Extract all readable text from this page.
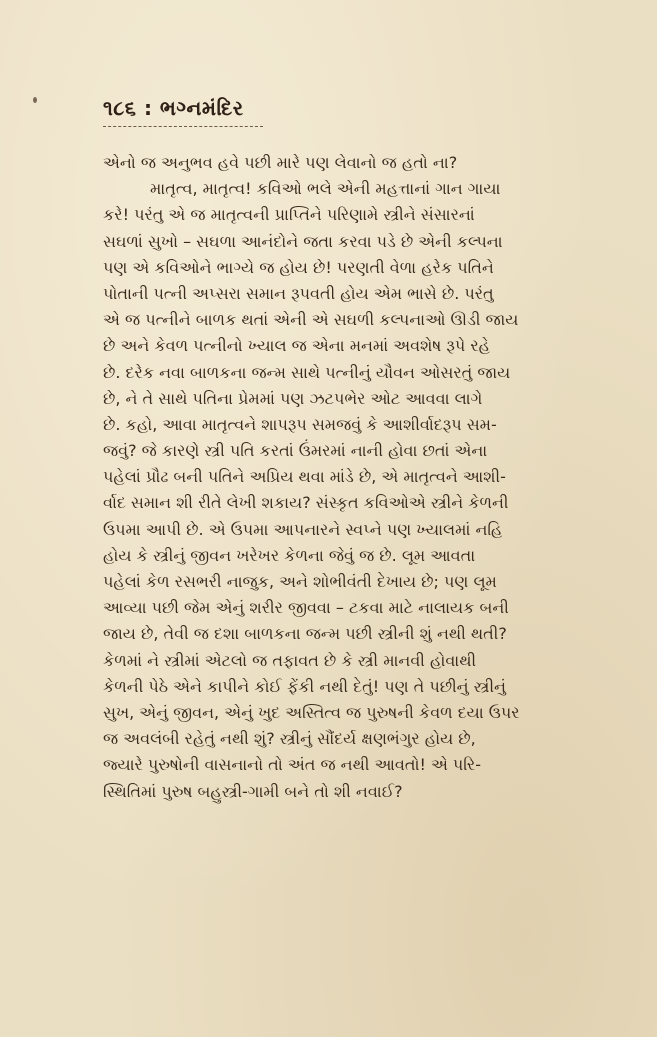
૧૮૬ : ભગ્નમંદિર
એનો જ અનુભવ હવે પછી મારે પણ લેવાનો જ હતો ના?
માતૃત્વ, માતૃત્વ! કવિઓ ભલે એની મહત્તાનાં ગાન ગાયા
કરે! પરંતુ એ જ માતૃત્વની પ્રાપ્તિને પરિણામે સ્ત્રીને સંસારનાં
સઘળાં સુખો – સઘળા આનંદોને જતા કરવા પડે છે એની કલ્પના
પણ એ કવિઓને ભાગ્યે જ હોય છે! પરણતી વેળા હરેક પતિને
પોતાની પત્ની અપ્સરા સમાન રૂપવતી હોય એમ ભાસે છે. પરંતુ
એ જ પત્નીને બાળક થતાં એની એ સઘળી કલ્પનાઓ ઊડી જાય
છે અને કેવળ પત્નીનો ખ્યાલ જ એના મનમાં અવશેષ રૂપે રહે
છે. દરેક નવા બાળકના જન્મ સાથે પત્નીનું યૌવન ઓસરતું જાય
છે, ને તે સાથે પતિના પ્રેમમાં પણ ઝટપભેર ઓટ આવવા લાગે
છે. કહો, આવા માતૃત્વને શાપરૂપ સમજવું કે આશીર્વાદરૂપ સમ-
જવું? જે કારણે સ્ત્રી પતિ કરતાં ઉંમરમાં નાની હોવા છતાં એના
પહેલાં પ્રૌઢ બની પતિને અપ્રિય થવા માંડે છે, એ માતૃત્વને આશી-
ર્વાદ સમાન શી રીતે લેખી શકાય? સંસ્કૃત કવિઓએ સ્ત્રીને કેળની
ઉપમા આપી છે. એ ઉપમા આપનારને સ્વપ્ને પણ ખ્યાલમાં નહિ
હોય કે સ્ત્રીનું જીવન ખરેખર કેળના જેવું જ છે. લૂમ આવતા
પહેલાં કેળ રસભરી નાજુક, અને શોભીવંતી દેખાય છે; પણ લૂમ
આવ્યા પછી જેમ એનું શરીર જીવવા – ટકવા માટે નાલાયક બની
જાય છે, તેવી જ દશા બાળકના જન્મ પછી સ્ત્રીની શું નથી થતી?
કેળમાં ને સ્ત્રીમાં એટલો જ તફાવત છે કે સ્ત્રી માનવી હોવાથી
કેળની પેઠે એને કાપીને કોઈ ફેંકી નથી દેતું! પણ તે પછીનું સ્ત્રીનું
સુખ, એનું જીવન, એનું ખુદ અસ્તિત્વ જ પુરુષની કેવળ દયા ઉપર
જ અવલંબી રહેતું નથી શું? સ્ત્રીનું સૌંદર્ય ક્ષણભંગુર હોય છે,
જ્યારે પુરુષોની વાસનાનો તો અંત જ નથી આવતો! એ પરિ-
સ્થિતિમાં પુરુષ બહુસ્ત્રી-ગામી બને તો શી નવાઈ?
